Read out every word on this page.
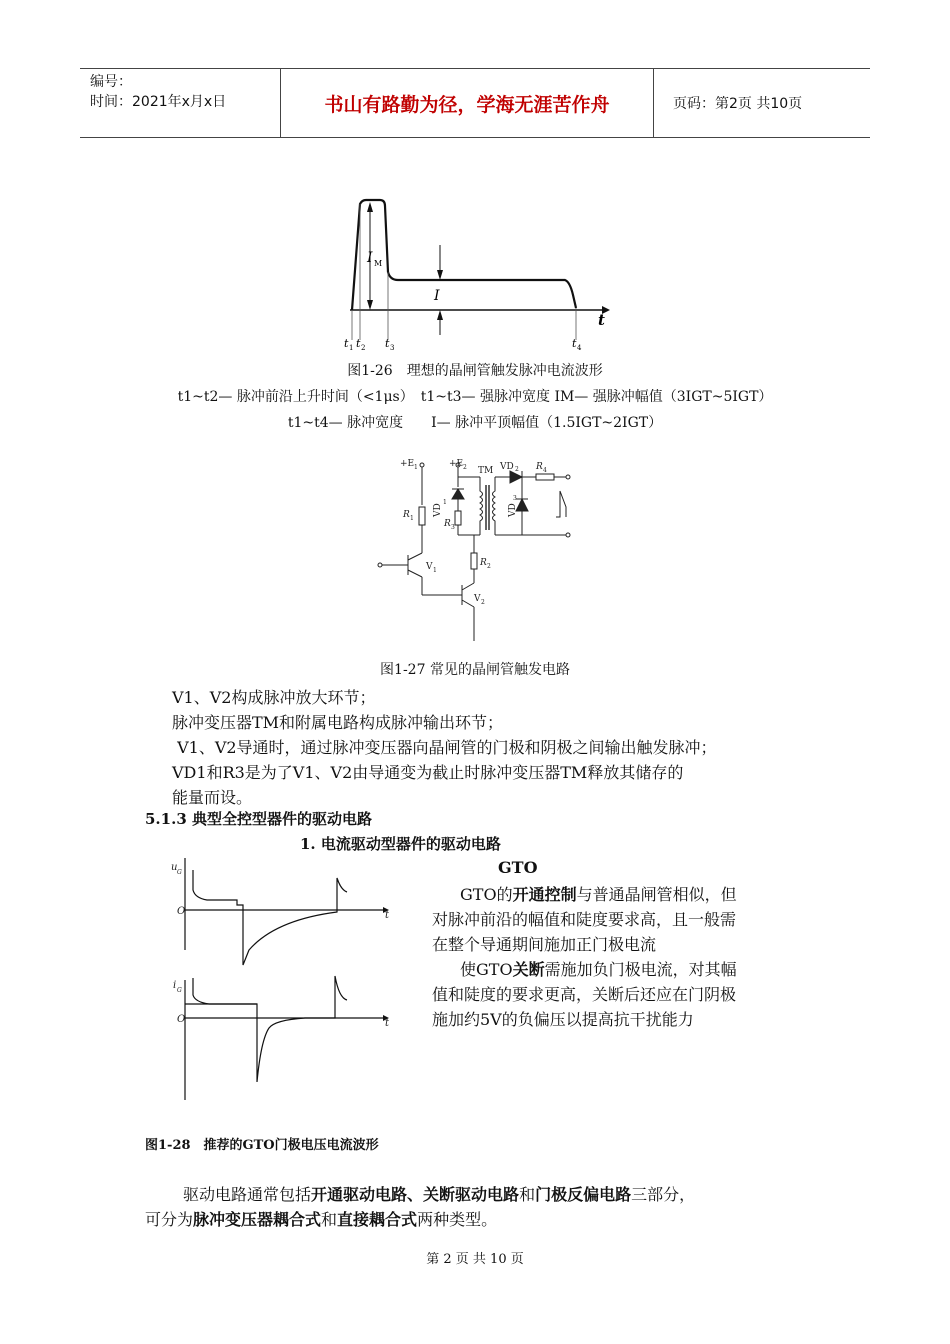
编号：
时间：2021年x月x日	书山有路勤为径，学海无涯苦作舟	页码：第2页 共10页
I M
I
t
t 1 t 2 t 3	t 4
图1-26　理想的晶闸管触发脉冲电流波形
t1~t2— 脉冲前沿上升时间（<1μs）　t1~t3— 强脉冲宽度 IM— 强脉冲幅值（3IGT~5IGT）
t1~t4— 脉冲宽度　　I— 脉冲平顶幅值（1.5IGT~2IGT）
+E 1	+E 2 TM VD 2 R 4
VD
1
VD
3
R 1
R 3
R 2
V 1
V 2
图1-27 常见的晶闸管触发电路
V1、V2构成脉冲放大环节；
脉冲变压器TM和附属电路构成脉冲输出环节；
V1、V2导通时，通过脉冲变压器向晶闸管的门极和阴极之间输出触发脉冲；
VD1和R3是为了V1、V2由导通变为截止时脉冲变压器TM释放其储存的
能量而设。
5.1.3 典型全控型器件的驱动电路
1. 电流驱动型器件的驱动电路
GTO
u G
O	t
i G
O	t
GTO的开通控制与普通晶闸管相似，但
对脉冲前沿的幅值和陡度要求高，且一般需
在整个导通期间施加正门极电流
使GTO关断需施加负门极电流，对其幅
值和陡度的要求更高，关断后还应在门阴极
施加约5V的负偏压以提高抗干扰能力
图1-28　推荐的GTO门极电压电流波形
驱动电路通常包括开通驱动电路、关断驱动电路和门极反偏电路三部分，
可分为脉冲变压器耦合式和直接耦合式两种类型。
第 2 页 共 10 页
